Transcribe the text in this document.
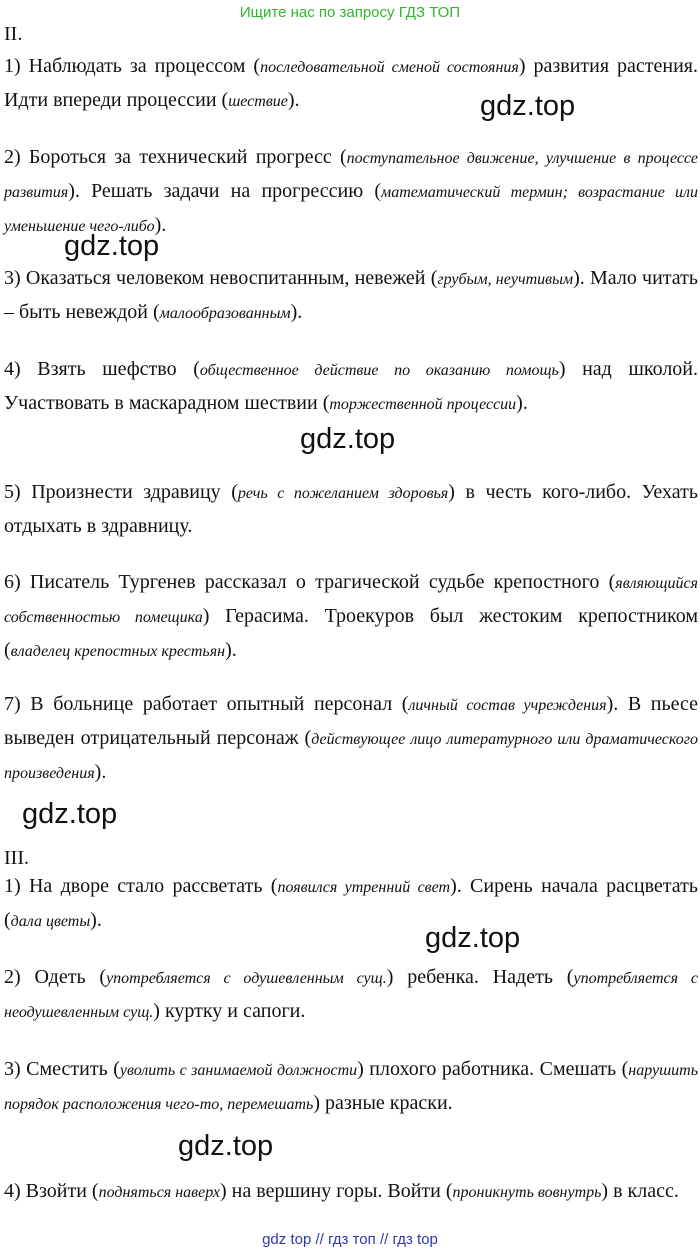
Ищите нас по запросу ГДЗ ТОП
II.
1) Наблюдать за процессом (последовательной сменой состояния) развития растения. Идти впереди процессии (шествие).
2) Бороться за технический прогресс (поступательное движение, улучшение в процессе развития). Решать задачи на прогрессию (математический термин; возрастание или уменьшение чего-либо).
3) Оказаться человеком невоспитанным, невежей (грубым, неучтивым). Мало читать – быть невеждой (малообразованным).
4) Взять шефство (общественное действие по оказанию помощь) над школой. Участвовать в маскарадном шествии (торжественной процессии).
5) Произнести здравицу (речь с пожеланием здоровья) в честь кого-либо. Уехать отдыхать в здравницу.
6) Писатель Тургенев рассказал о трагической судьбе крепостного (являющийся собственностью помещика) Герасима. Троекуров был жестоким крепостником (владелец крепостных крестьян).
7) В больнице работает опытный персонал (личный состав учреждения). В пьесе выведен отрицательный персонаж (действующее лицо литературного или драматического произведения).
III.
1) На дворе стало рассветать (появился утренний свет). Сирень начала расцветать (дала цветы).
2) Одеть (употребляется с одушевленным сущ.) ребенка. Надеть (употребляется с неодушевленным сущ.) куртку и сапоги.
3) Сместить (уволить с занимаемой должности) плохого работника. Смешать (нарушить порядок расположения чего-то, перемешать) разные краски.
4) Взойти (подняться наверх) на вершину горы. Войти (проникнуть вовнутрь) в класс.
gdz.top
gdz.top
gdz.top
gdz.top
gdz.top
gdz.top
gdz top // гдз топ // гдз top
